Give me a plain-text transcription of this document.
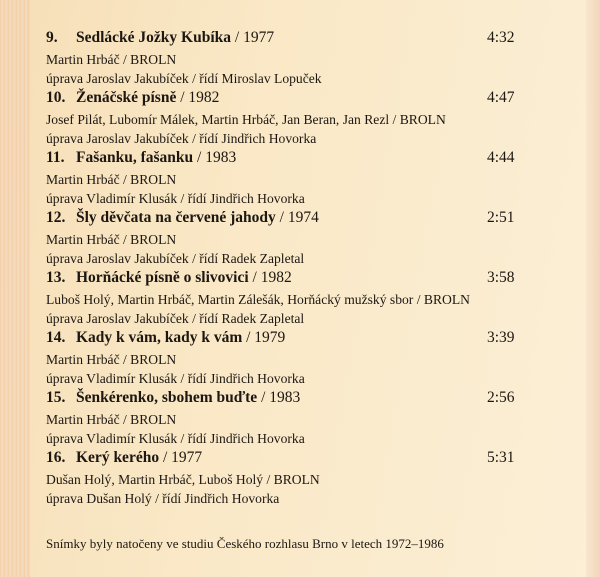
9. Sedlácké Jožky Kubíka / 1977	4:32
Martin Hrbáč / BROLN
úprava Jaroslav Jakubíček / řídí Miroslav Lopuček
10. Ženáčské písně / 1982	4:47
Josef Pilát, Lubomír Málek, Martin Hrbáč, Jan Beran, Jan Rezl / BROLN
úprava Jaroslav Jakubíček / řídí Jindřich Hovorka
11. Fašanku, fašanku / 1983	4:44
Martin Hrbáč / BROLN
úprava Vladimír Klusák / řídí Jindřich Hovorka
12. Šly děvčata na červené jahody / 1974	2:51
Martin Hrbáč / BROLN
úprava Jaroslav Jakubíček / řídí Radek Zapletal
13. Horňácké písně o slivovici / 1982	3:58
Luboš Holý, Martin Hrbáč, Martin Zálešák, Horňácký mužský sbor / BROLN
úprava Jaroslav Jakubíček / řídí Radek Zapletal
14. Kady k vám, kady k vám / 1979	3:39
Martin Hrbáč / BROLN
úprava Vladimír Klusák / řídí Jindřich Hovorka
15. Šenkérenko, sbohem buďte / 1983	2:56
Martin Hrbáč / BROLN
úprava Vladimír Klusák / řídí Jindřich Hovorka
16. Kerý kerého / 1977	5:31
Dušan Holý, Martin Hrbáč, Luboš Holý / BROLN
úprava Dušan Holý / řídí Jindřich Hovorka
Snímky byly natočeny ve studiu Českého rozhlasu Brno v letech 1972–1986
